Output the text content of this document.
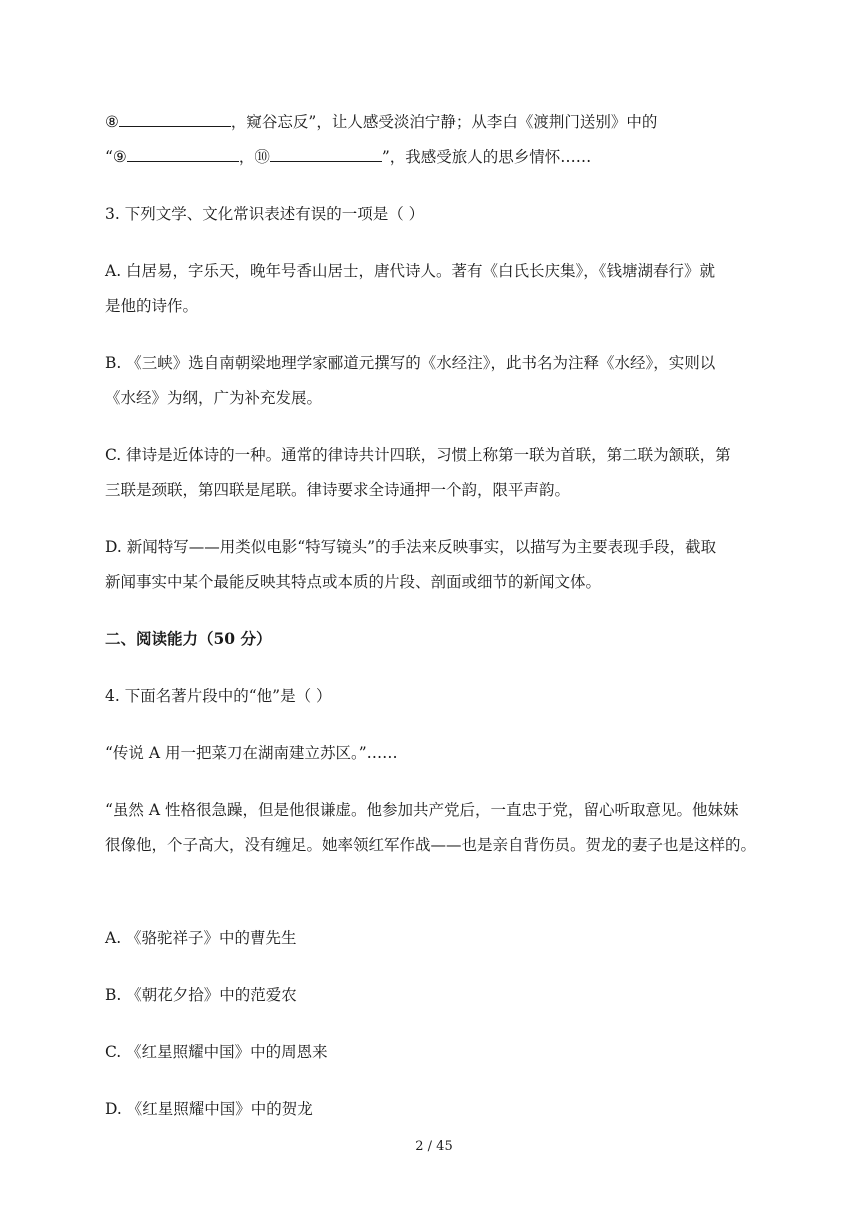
⑧	，窥谷忘反”，让人感受淡泊宁静；从李白《渡荆门送别》中的
“⑨	，⑩	”，我感受旅人的思乡情怀……
3. 下列文学、文化常识表述有误的一项是（ ）
A. 白居易，字乐天，晚年号香山居士，唐代诗人。著有《白氏长庆集》，《钱塘湖春行》就
是他的诗作。
B. 《三峡》选自南朝梁地理学家郦道元撰写的《水经注》，此书名为注释《水经》，实则以
《水经》为纲，广为补充发展。
C. 律诗是近体诗的一种。通常的律诗共计四联，习惯上称第一联为首联，第二联为颔联，第
三联是颈联，第四联是尾联。律诗要求全诗通押一个韵，限平声韵。
D. 新闻特写——用类似电影“特写镜头”的手法来反映事实，以描写为主要表现手段，截取
新闻事实中某个最能反映其特点或本质的片段、剖面或细节的新闻文体。
二、阅读能力（50 分）
4. 下面名著片段中的“他”是（ ）
“传说 A 用一把菜刀在湖南建立苏区。”……
“虽然 A 性格很急躁，但是他很谦虚。他参加共产党后，一直忠于党，留心听取意见。他妹妹
很像他，个子高大，没有缠足。她率领红军作战——也是亲自背伤员。贺龙的妻子也是这样的。
A. 《骆驼祥子》中的曹先生
B. 《朝花夕拾》中的范爱农
C. 《红星照耀中国》中的周恩来
D. 《红星照耀中国》中的贺龙
2 / 45
